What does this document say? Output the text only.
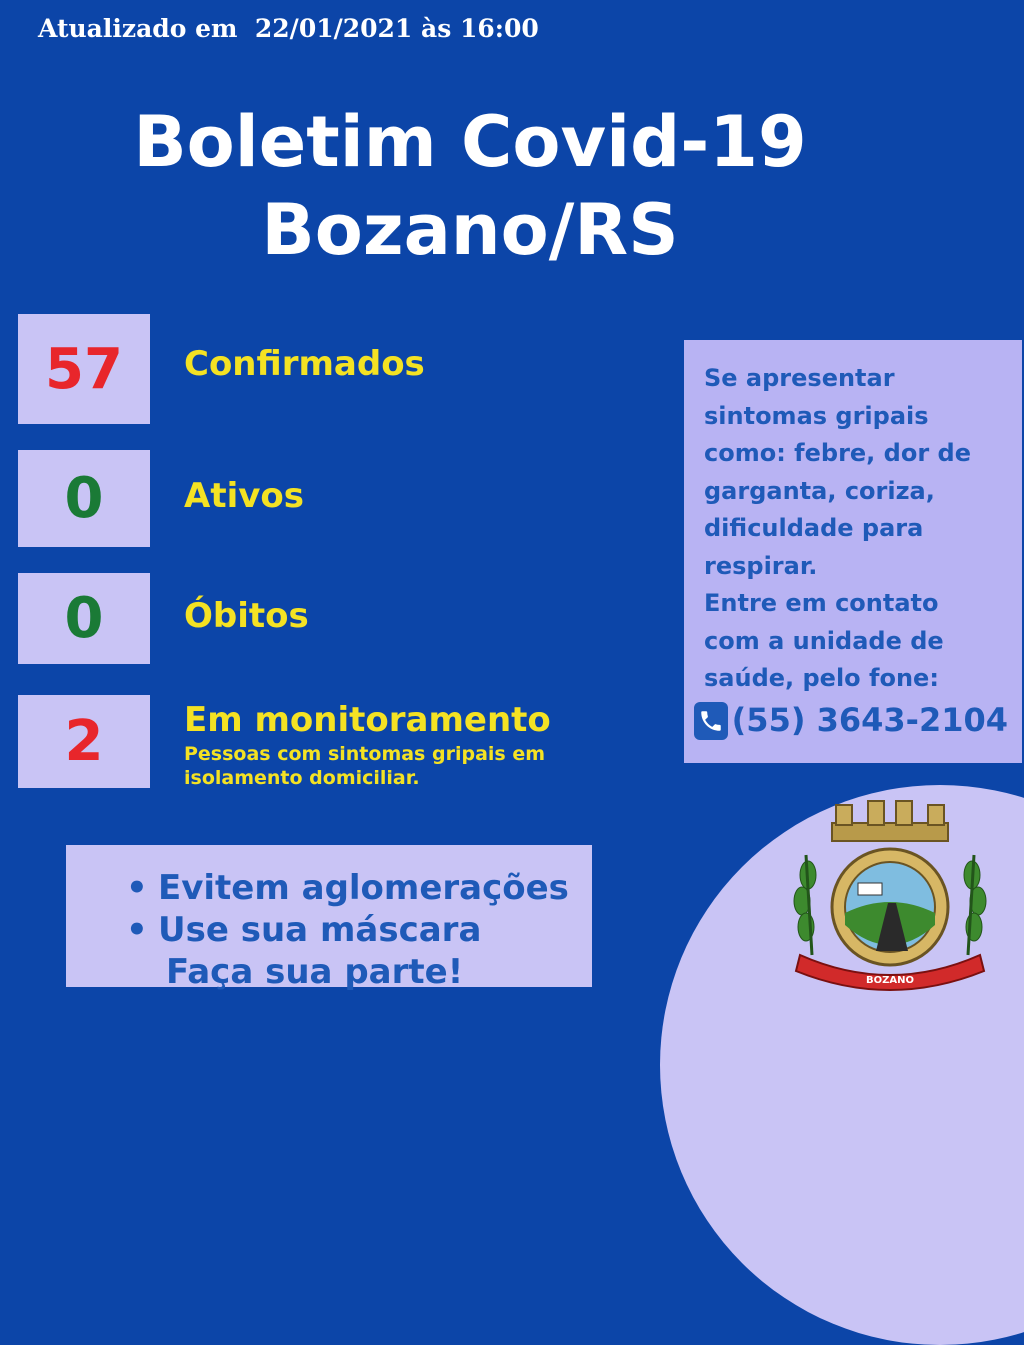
Atualizado em  22/01/2021 às 16:00
Boletim Covid-19
Bozano/RS
57 Confirmados
0 Ativos
0 Óbitos
2 Em monitoramento
Pessoas com sintomas gripais em
isolamento domiciliar.
Se apresentar
sintomas gripais
como: febre, dor de
garganta, coriza,
dificuldade para
respirar.
Entre em contato
com a unidade de
saúde, pelo fone:
(55) 3643-2104
• Evitem aglomerações
• Use sua máscara
Faça sua parte!	BOZANO
